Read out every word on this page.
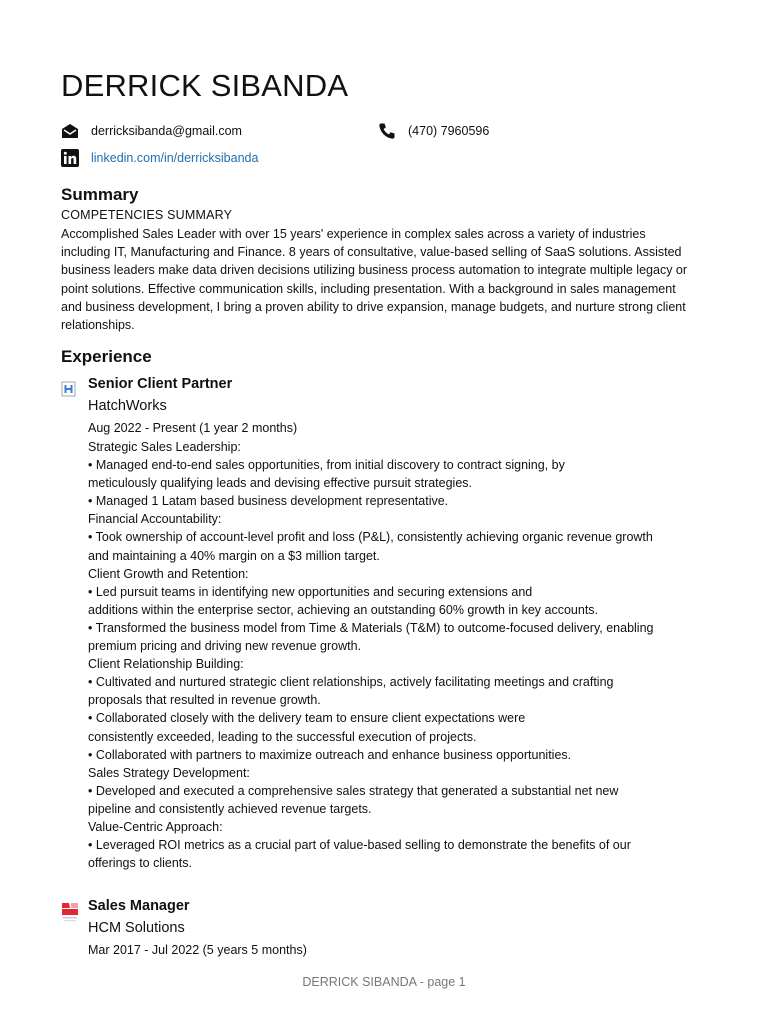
DERRICK SIBANDA
derricksibanda@gmail.com	(470) 7960596
linkedin.com/in/derricksibanda
Summary
COMPETENCIES SUMMARY
Accomplished Sales Leader with over 15 years' experience in complex sales across a variety of industries
including IT, Manufacturing and Finance. 8 years of consultative, value-based selling of SaaS solutions. Assisted
business leaders make data driven decisions utilizing business process automation to integrate multiple legacy or
point solutions. Effective communication skills, including presentation. With a background in sales management
and business development, I bring a proven ability to drive expansion, manage budgets, and nurture strong client
relationships.
Experience
Senior Client Partner
HatchWorks
Aug 2022 - Present (1 year 2 months)
Strategic Sales Leadership:
• Managed end-to-end sales opportunities, from initial discovery to contract signing, by
meticulously qualifying leads and devising effective pursuit strategies.
• Managed 1 Latam based business development representative.
Financial Accountability:
• Took ownership of account-level profit and loss (P&L), consistently achieving organic revenue growth
and maintaining a 40% margin on a $3 million target.
Client Growth and Retention:
• Led pursuit teams in identifying new opportunities and securing extensions and
additions within the enterprise sector, achieving an outstanding 60% growth in key accounts.
• Transformed the business model from Time & Materials (T&M) to outcome-focused delivery, enabling
premium pricing and driving new revenue growth.
Client Relationship Building:
• Cultivated and nurtured strategic client relationships, actively facilitating meetings and crafting
proposals that resulted in revenue growth.
• Collaborated closely with the delivery team to ensure client expectations were
consistently exceeded, leading to the successful execution of projects.
• Collaborated with partners to maximize outreach and enhance business opportunities.
Sales Strategy Development:
• Developed and executed a comprehensive sales strategy that generated a substantial net new
pipeline and consistently achieved revenue targets.
Value-Centric Approach:
• Leveraged ROI metrics as a crucial part of value-based selling to demonstrate the benefits of our
offerings to clients.
Sales Manager
HCM Solutions
Mar 2017 - Jul 2022 (5 years 5 months)
DERRICK SIBANDA - page 1
